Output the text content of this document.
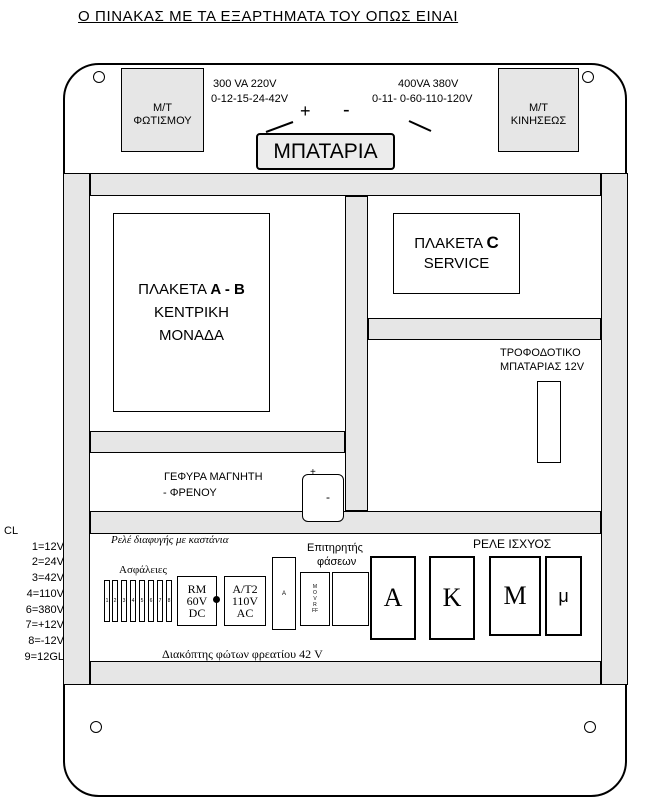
Ο ΠΙΝΑΚΑΣ ΜΕ ΤΑ ΕΞΑΡΤΗΜΑΤΑ ΤΟΥ ΟΠΩΣ ΕΙΝΑΙ
Μ/Τ
ΦΩΤΙΣΜΟΥ
Μ/Τ
ΚΙΝΗΣΕΩΣ
300 VA 220V
0-12-15-24-42V
400VA 380V
0-11- 0-60-110-120V
+ -
ΜΠΑΤΑΡΙΑ
ΠΛΑΚΕΤΑ A - B
ΚΕΝΤΡΙΚΗ
ΜΟΝΑΔΑ
ΠΛΑΚΕΤΑ C
SERVICE
ΤΡΟΦΟΔΟΤΙΚΟ
ΜΠΑΤΑΡΙΑΣ 12V
ΓΕΦΥΡΑ ΜΑΓΝΗΤΗ
- ΦΡΕΝΟΥ
+
-
Ρελέ διαφυγής με καστάνια
Ασφάλειες
Επιτηρητής
φάσεων
ΡΕΛΕ ΙΣΧΥΟΣ
1	2	3	4	5	6	7	8
RM
60V
DC
A/T2
110V
AC
A
M
O
V
R
FF	A K M μ
Διακόπτης φώτων φρεατίου 42 V
CL
1=12V
2=24V
3=42V
4=110V
6=380V
7=+12V
8=-12V
9=12GL
